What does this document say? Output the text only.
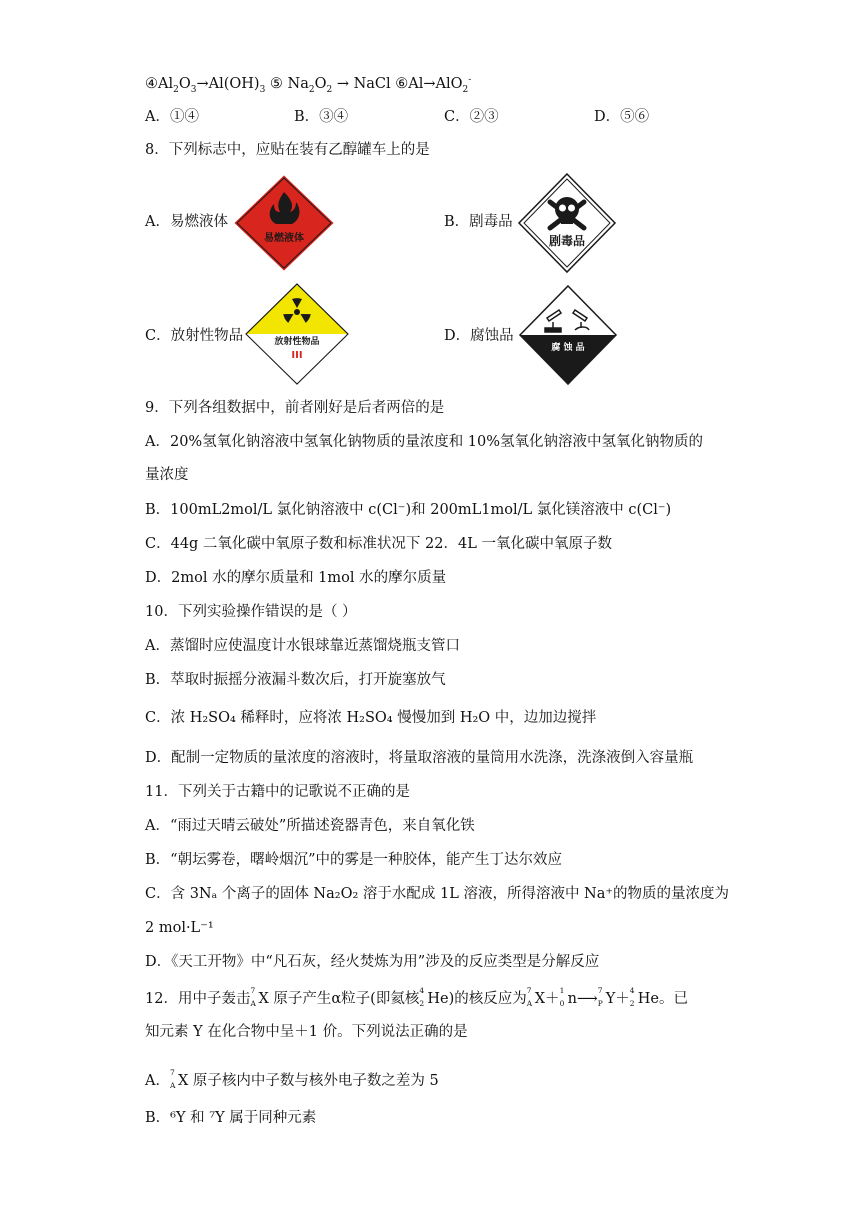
$④Al_2O_3\to Al(OH)_3$ ⑤ $Na_2O_2$ → NaCl ⑥Al→AlO$_2$-
A．①④	B．③④	C．②③	D．⑤⑥
8．下列标志中，应贴在装有乙醇罐车上的是
A．易燃液体
易燃液体
B．剧毒品
剧毒品
C．放射性物品	放射性物品
III
D．腐蚀品
腐 蚀 品
9．下列各组数据中，前者刚好是后者两倍的是
A．20%氢氧化钠溶液中氢氧化钠物质的量浓度和 10%氢氧化钠溶液中氢氧化钠物质的
量浓度
B．100mL2mol/L 氯化钠溶液中 c(Cl⁻)和 200mL1mol/L 氯化镁溶液中 c(Cl⁻)
C．44g 二氧化碳中氧原子数和标准状况下 22．4L 一氧化碳中氧原子数
D．2mol 水的摩尔质量和 1mol 水的摩尔质量
10．下列实验操作错误的是（ ）
A．蒸馏时应使温度计水银球靠近蒸馏烧瓶支管口
B．萃取时振摇分液漏斗数次后，打开旋塞放气
C．浓 H₂SO₄ 稀释时，应将浓 H₂SO₄ 慢慢加到 H₂O 中，边加边搅拌
D．配制一定物质的量浓度的溶液时，将量取溶液的量筒用水洗涤，洗涤液倒入容量瓶
11．下列关于古籍中的记歌说不正确的是
A．“雨过天晴云破处”所描述瓷器青色，来自氧化铁
B．“朝坛雾卷，曙岭烟沉”中的雾是一种胶体，能产生丁达尔效应
C．含 3Nₐ 个离子的固体 Na₂O₂ 溶于水配成 1L 溶液，所得溶液中 Na⁺的物质的量浓度为
2 mol·L⁻¹
D．《天工开物》中“凡石灰，经火焚炼为用”涉及的反应类型是分解反应
12．用中子轰击
7
A X 原子产生α粒子(即氦核
4
2 He)的核反应为
7
A X＋
1
0 n⟶
7
P Y＋
4
2 He。已
知元素 Y 在化合物中呈＋1 价。下列说法正确的是
A．
7
A X 原子核内中子数与核外电子数之差为 5
B．⁶Y 和 ⁷Y 属于同种元素
